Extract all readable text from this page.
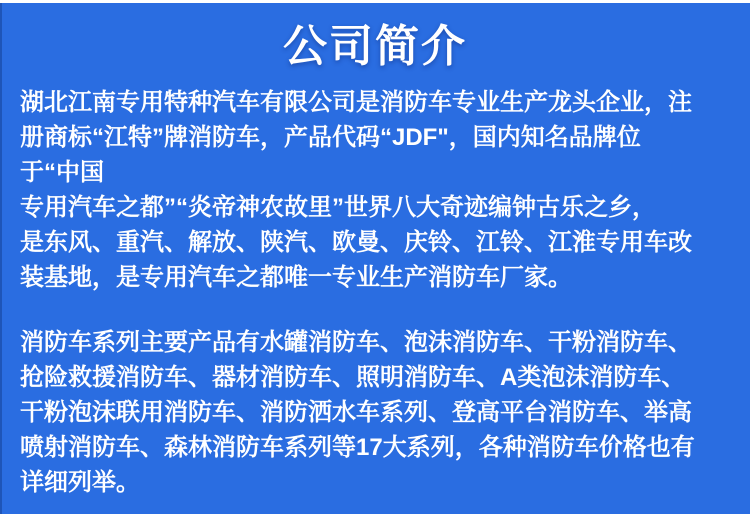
公司简介
湖北江南专用特种汽车有限公司是消防车专业生产龙头企业，注
册商标“江特”牌消防车，产品代码“JDF"，国内知名品牌位
于“中国
专用汽车之都”“炎帝神农故里”世界八大奇迹编钟古乐之乡，
是东风、重汽、解放、陕汽、欧曼、庆铃、江铃、江淮专用车改
装基地，是专用汽车之都唯一专业生产消防车厂家。
消防车系列主要产品有水罐消防车、泡沫消防车、干粉消防车、
抢险救援消防车、器材消防车、照明消防车、A类泡沫消防车、
干粉泡沫联用消防车、消防洒水车系列、登高平台消防车、举高
喷射消防车、森林消防车系列等17大系列，各种消防车价格也有
详细列举。
